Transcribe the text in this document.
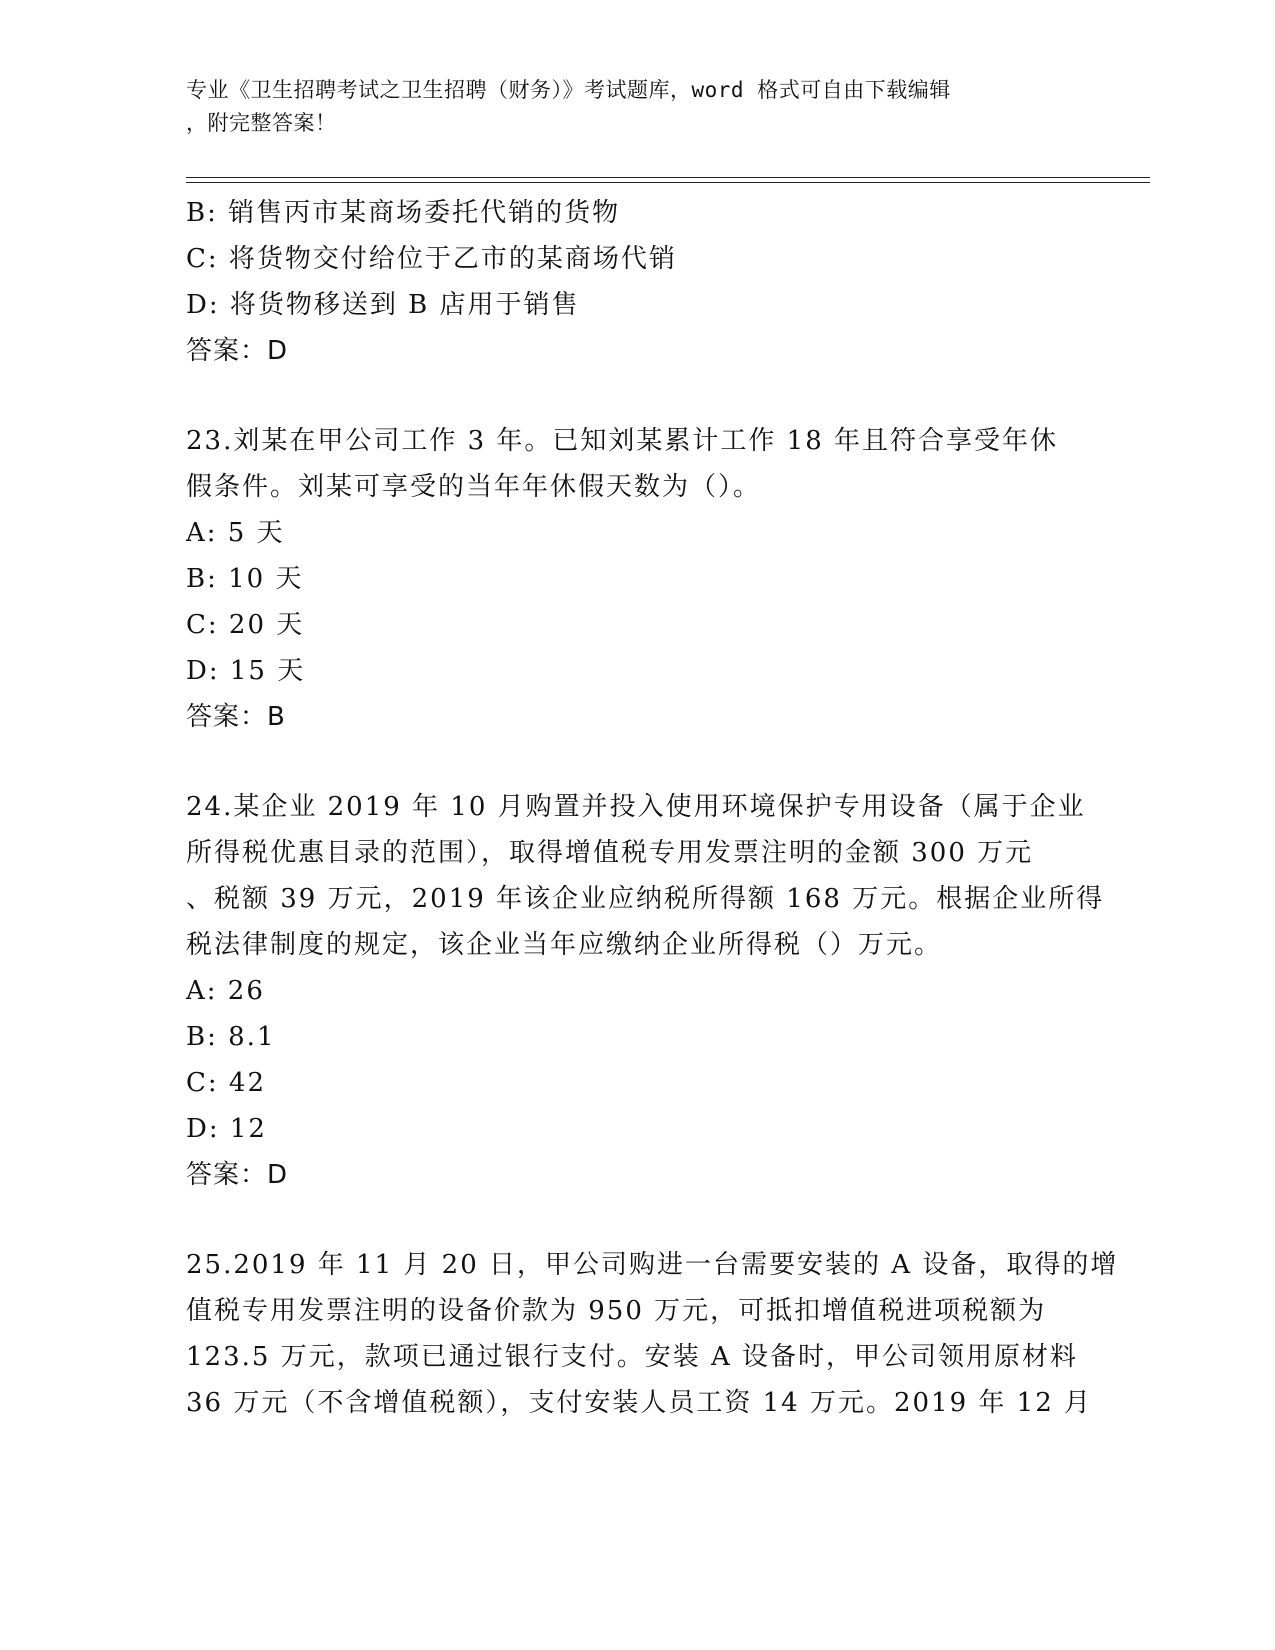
专业《卫生招聘考试之卫生招聘（财务）》考试题库，word 格式可自由下载编辑
，附完整答案！
B: 销售丙市某商场委托代销的货物
C: 将货物交付给位于乙市的某商场代销
D: 将货物移送到 B 店用于销售
答案：D
23.刘某在甲公司工作 3 年。已知刘某累计工作 18 年且符合享受年休
假条件。刘某可享受的当年年休假天数为（）。
A: 5 天
B: 10 天
C: 20 天
D: 15 天
答案：B
24.某企业 2019 年 10 月购置并投入使用环境保护专用设备（属于企业
所得税优惠目录的范围），取得增值税专用发票注明的金额 300 万元
、税额 39 万元，2019 年该企业应纳税所得额 168 万元。根据企业所得
税法律制度的规定，该企业当年应缴纳企业所得税（）万元。
A: 26
B: 8.1
C: 42
D: 12
答案：D
25.2019 年 11 月 20 日，甲公司购进一台需要安装的 A 设备，取得的增
值税专用发票注明的设备价款为 950 万元，可抵扣增值税进项税额为
123.5 万元，款项已通过银行支付。安装 A 设备时，甲公司领用原材料
36 万元（不含增值税额），支付安装人员工资 14 万元。2019 年 12 月
